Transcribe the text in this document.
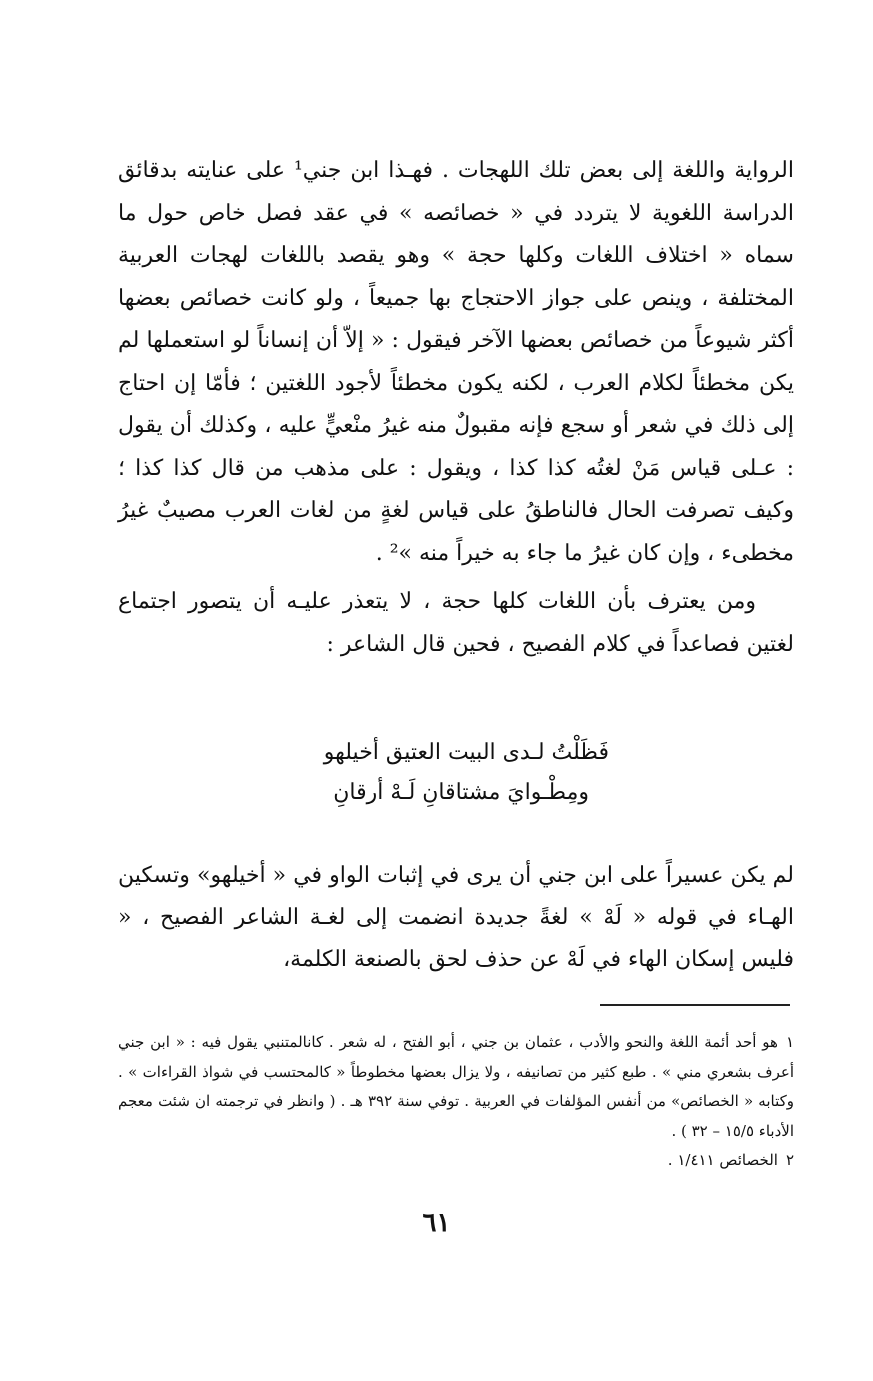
الرواية واللغة إلى بعض تلك اللهجات . فهـذا ابن جني¹ على عنايته بدقائق الدراسة اللغوية لا يتردد في « خصائصه » في عقد فصل خاص حول ما سماه « اختلاف اللغات وكلها حجة » وهو يقصد باللغات لهجات العربية المختلفة ، وينص على جواز الاحتجاج بها جميعاً ، ولو كانت خصائص بعضها أكثر شيوعاً من خصائص بعضها الآخر فيقول : « إلاّ أن إنساناً لو استعملها لم يكن مخطئاً لكلام العرب ، لكنه يكون مخطئاً لأجود اللغتين ؛ فأمّا إن احتاج إلى ذلك في شعر أو سجع فإنه مقبولٌ منه غيرُ منْعيٍّ عليه ، وكذلك أن يقول : عـلى قياس مَنْ لغتُه كذا كذا ، ويقول : على مذهب من قال كذا كذا ؛ وكيف تصرفت الحال فالناطقُ على قياس لغةٍ من لغات العرب مصيبٌ غيرُ مخطىء ، وإن كان غيرُ ما جاء به خيراً منه »² .

ومن يعترف بأن اللغات كلها حجة ، لا يتعذر عليـه أن يتصور اجتماع لغتين فصاعداً في كلام الفصيح ، فحين قال الشاعر :

فَظَلْتُ لـدى البيت العتيق أخيلهو
ومِطْـوايَ مشتاقانِ لَـهْ أرقانِ

لم يكن عسيراً على ابن جني أن يرى في إثبات الواو في « أخيلهو» وتسكين الهـاء في قوله « لَهْ » لغةً جديدة انضمت إلى لغـة الشاعر الفصيح ، « فليس إسكان الهاء في لَهْ عن حذف لحق بالصنعة الكلمة،

١هو أحد أئمة اللغة والنحو والأدب ، عثمان بن جني ، أبو الفتح ، له شعر . كانالمتنبي يقول فيه : « ابن جني أعرف بشعري مني » . طبع كثير من تصانيفه ، ولا يزال بعضها مخطوطاً « كالمحتسب في شواذ القراءات » . وكتابه « الخصائص» من أنفس المؤلفات في العربية . توفي سنة ٣٩٢ هـ . ( وانظر في ترجمته ان شئت معجم الأدباء ١٥/٥ – ٣٢ ) .

٢الخصائص ١/٤١١ .

٦١
